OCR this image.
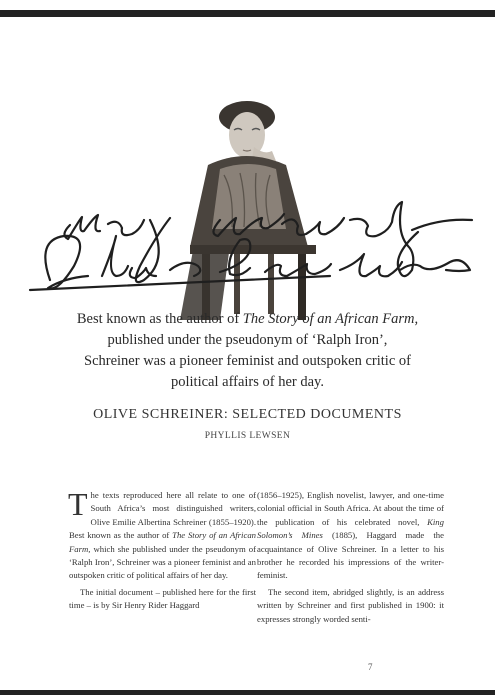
Best known as the author of The Story of an African Farm,
published under the pseudonym of ‘Ralph Iron’,
Schreiner was a pioneer feminist and outspoken critic of
political affairs of her day.
OLIVE SCHREINER: SELECTED DOCUMENTS
PHYLLIS LEWSEN

The texts reproduced here all relate to one of South Africa’s most distinguished writers, Olive Emilie Albertina Schreiner (1855–1920). Best known as the author of The Story of an African Farm, which she published under the pseudonym of ‘Ralph Iron’, Schreiner was a pioneer feminist and an outspoken critic of political affairs of her day.

The initial document – published here for the first time – is by Sir Henry Rider Haggard

(1856–1925), English novelist, lawyer, and one-time colonial official in South Africa. At about the time of the publication of his celebrated novel, King Solomon’s Mines (1885), Haggard made the acquaintance of Olive Schreiner. In a letter to his brother he recorded his impressions of the writer-feminist.

The second item, abridged slightly, is an address written by Schreiner and first published in 1900: it expresses strongly worded senti-

7
